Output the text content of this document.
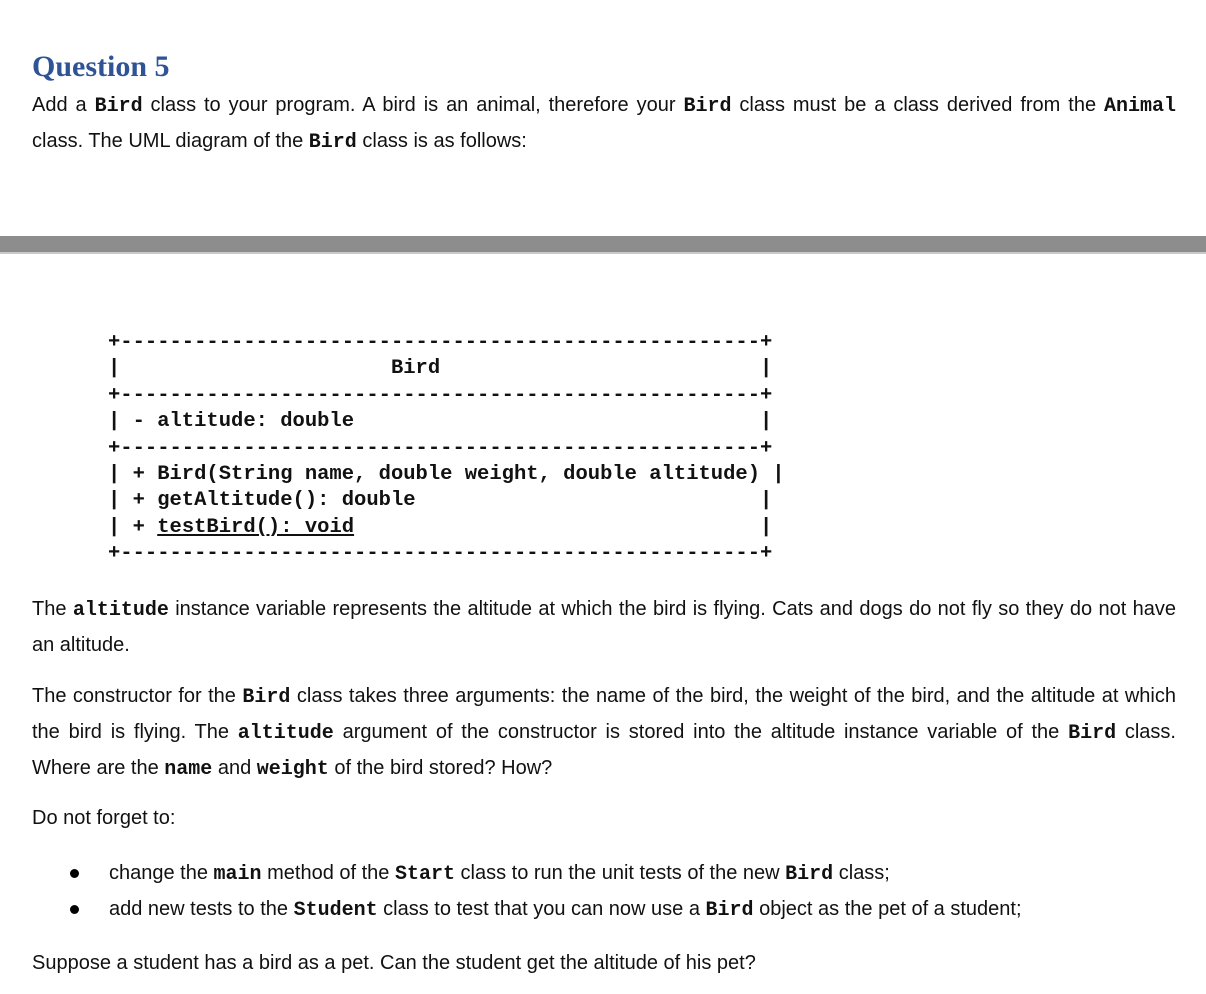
Question 5

Add a Bird class to your program. A bird is an animal, therefore your Bird class must be a class derived from the Animal class. The UML diagram of the Bird class is as follows:

+----------------------------------------------------+
|                      Bird                          |
+----------------------------------------------------+
| - altitude: double                                 |
+----------------------------------------------------+
| + Bird(String name, double weight, double altitude) |
| + getAltitude(): double                            |
| + testBird(): void                                 |
+----------------------------------------------------+

The altitude instance variable represents the altitude at which the bird is flying. Cats and dogs do not fly so they do not have an altitude.

The constructor for the Bird class takes three arguments: the name of the bird, the weight of the bird, and the altitude at which the bird is flying. The altitude argument of the constructor is stored into the altitude instance variable of the Bird class. Where are the name and weight of the bird stored? How?

Do not forget to:

change the main method of the Start class to run the unit tests of the new Bird class;
add new tests to the Student class to test that you can now use a Bird object as the pet of a student;

Suppose a student has a bird as a pet. Can the student get the altitude of his pet?
